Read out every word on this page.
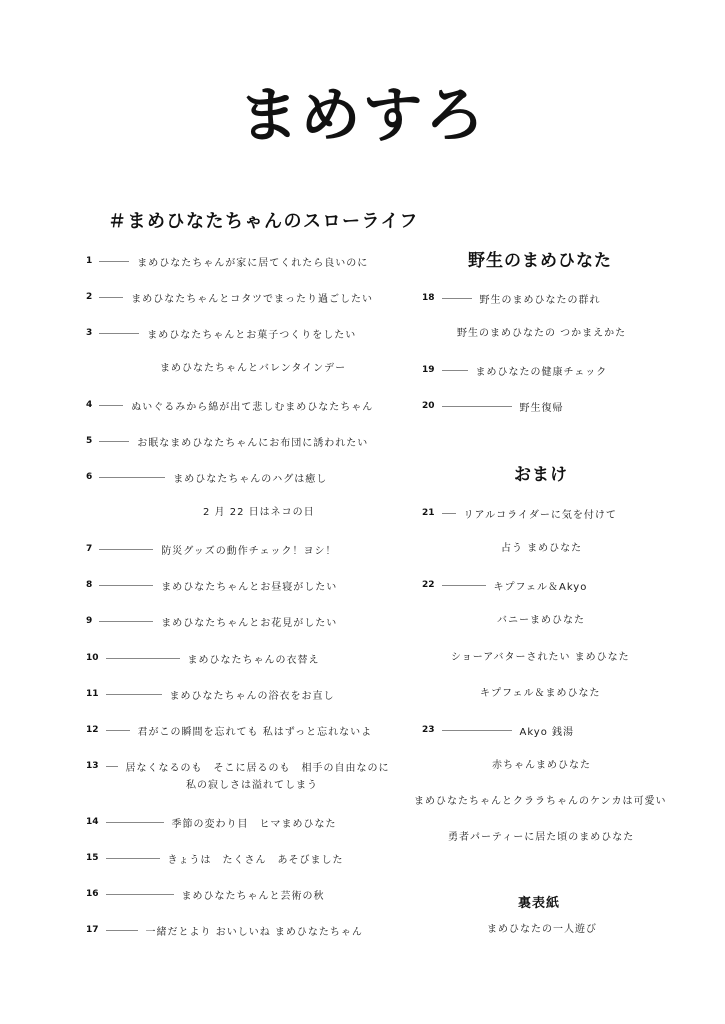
まめすろ
＃まめひなたちゃんのスローライフ
1	まめひなたちゃんが家に居てくれたら良いのに
2	まめひなたちゃんとコタツでまったり過ごしたい
3	まめひなたちゃんとお菓子つくりをしたい
まめひなたちゃんとバレンタインデー
4	ぬいぐるみから綿が出て悲しむまめひなたちゃん
5	お眠なまめひなたちゃんにお布団に誘われたい
6	まめひなたちゃんのハグは癒し
2 月 22 日はネコの日
7	防災グッズの動作チェック！ヨシ！
8	まめひなたちゃんとお昼寝がしたい
9	まめひなたちゃんとお花見がしたい
10	まめひなたちゃんの衣替え
11	まめひなたちゃんの浴衣をお直し
12	君がこの瞬間を忘れても 私はずっと忘れないよ
13	居なくなるのも　そこに居るのも　相手の自由なのに
私の寂しさは溢れてしまう
14	季節の変わり目　ヒマまめひなた
15	きょうは　たくさん　あそびました
16	まめひなたちゃんと芸術の秋
17	一緒だとより おいしいね まめひなたちゃん
野生のまめひなた
18	野生のまめひなたの群れ
野生のまめひなたの つかまえかた
19	まめひなたの健康チェック
20	野生復帰
おまけ
21	リアルコライダーに気を付けて
占う まめひなた
22	キプフェル＆Akyo
バニーまめひなた
ショーアバターされたい まめひなた
キプフェル＆まめひなた
23	Akyo 銭湯
赤ちゃんまめひなた
まめひなたちゃんとクララちゃんのケンカは可愛い
勇者パーティーに居た頃のまめひなた
裏表紙
まめひなたの一人遊び
